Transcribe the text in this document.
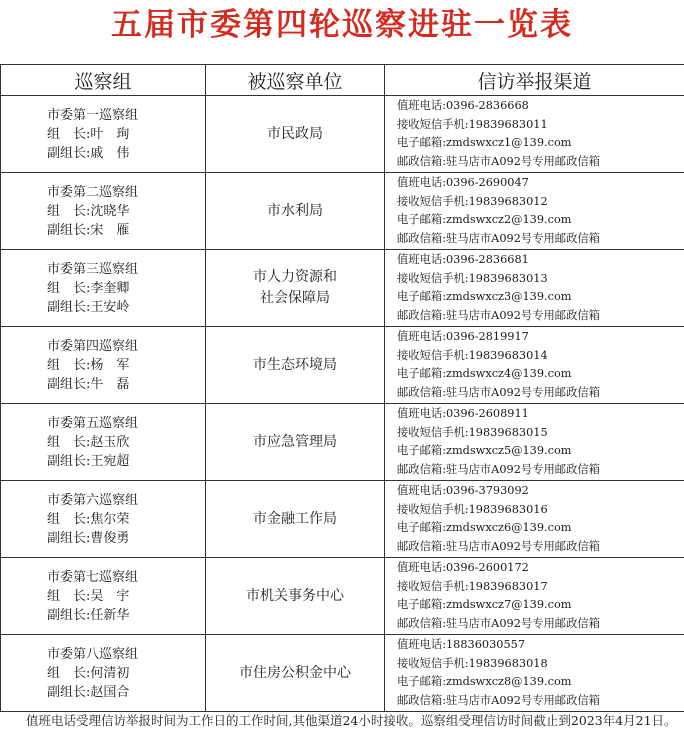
五届市委第四轮巡察进驻一览表
巡察组	被巡察单位	信访举报渠道

市委第一巡察组
组　长:叶　珣
副组长:戚　伟	市民政局	值班电话:0396-2836668
接收短信手机:19839683011
电子邮箱:zmdswxcz1@139.com
邮政信箱:驻马店市A092号专用邮政信箱

市委第二巡察组
组　长:沈晓华
副组长:宋　雁	市水利局	值班电话:0396-2690047
接收短信手机:19839683012
电子邮箱:zmdswxcz2@139.com
邮政信箱:驻马店市A092号专用邮政信箱

市委第三巡察组
组　长:李奎卿
副组长:王安岭	市人力资源和
社会保障局	值班电话:0396-2836681
接收短信手机:19839683013
电子邮箱:zmdswxcz3@139.com
邮政信箱:驻马店市A092号专用邮政信箱

市委第四巡察组
组　长:杨　军
副组长:牛　磊	市生态环境局	值班电话:0396-2819917
接收短信手机:19839683014
电子邮箱:zmdswxcz4@139.com
邮政信箱:驻马店市A092号专用邮政信箱

市委第五巡察组
组　长:赵玉欣
副组长:王宛超	市应急管理局	值班电话:0396-2608911
接收短信手机:19839683015
电子邮箱:zmdswxcz5@139.com
邮政信箱:驻马店市A092号专用邮政信箱

市委第六巡察组
组　长:焦尔荣
副组长:曹俊勇	市金融工作局	值班电话:0396-3793092
接收短信手机:19839683016
电子邮箱:zmdswxcz6@139.com
邮政信箱:驻马店市A092号专用邮政信箱

市委第七巡察组
组　长:吴　宇
副组长:任新华	市机关事务中心	值班电话:0396-2600172
接收短信手机:19839683017
电子邮箱:zmdswxcz7@139.com
邮政信箱:驻马店市A092号专用邮政信箱

市委第八巡察组
组　长:何清初
副组长:赵国合	市住房公积金中心	值班电话:18836030557
接收短信手机:19839683018
电子邮箱:zmdswxcz8@139.com
邮政信箱:驻马店市A092号专用邮政信箱
值班电话受理信访举报时间为工作日的工作时间,其他渠道24小时接收。巡察组受理信访时间截止到2023年4月21日。
